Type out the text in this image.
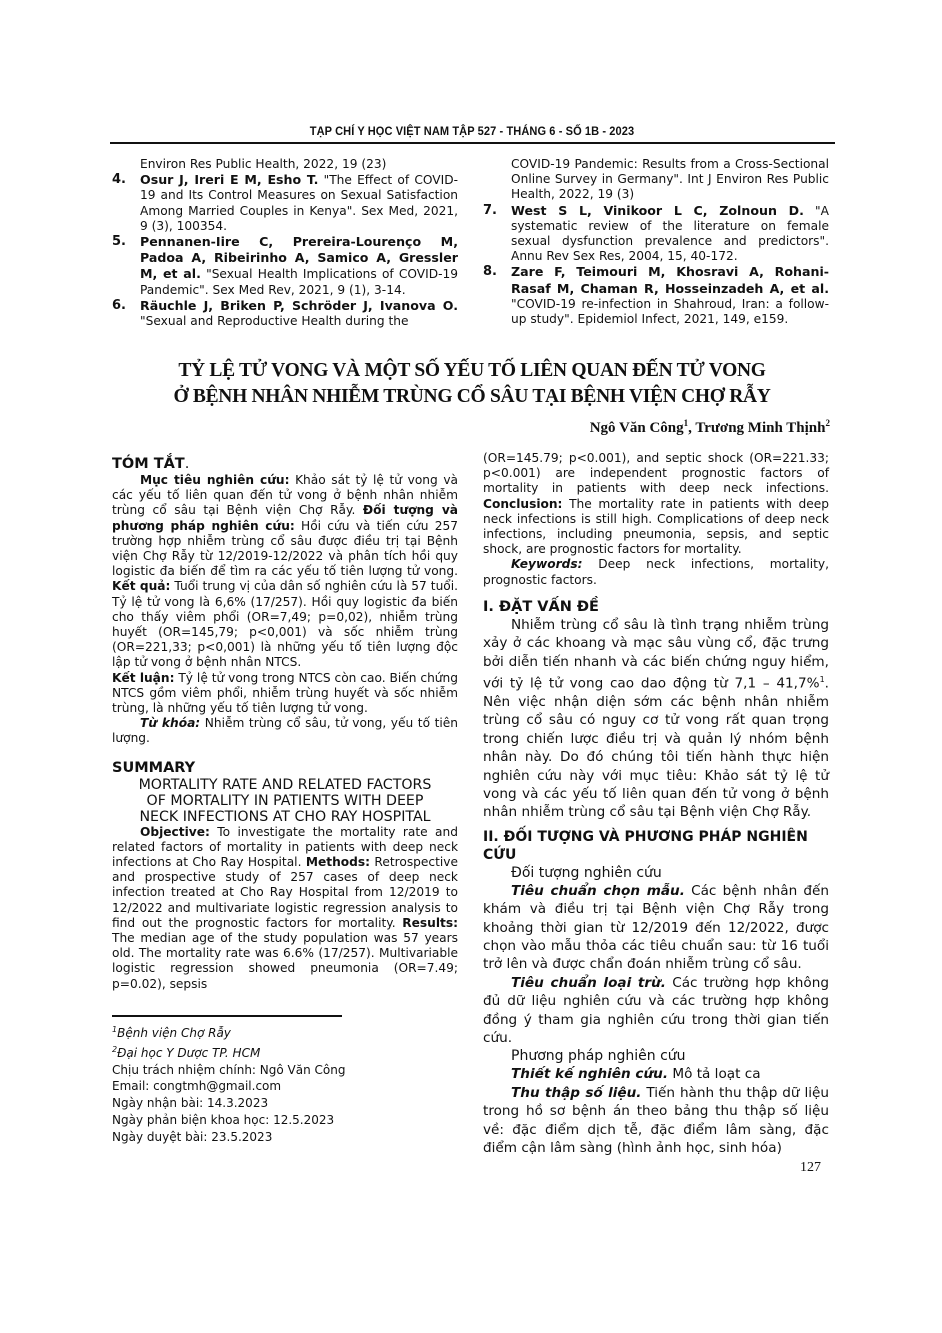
TẠP CHÍ Y HỌC VIỆT NAM TẬP 527 - THÁNG 6 - SỐ 1B - 2023
Environ Res Public Health, 2022, 19 (23)
4. Osur J, Ireri E M, Esho T. "The Effect of COVID-19 and Its Control Measures on Sexual Satisfaction Among Married Couples in Kenya". Sex Med, 2021, 9 (3), 100354.
5. Pennanen-Iire C, Prereira-Lourenço M, Padoa A, Ribeirinho A, Samico A, Gressler M, et al. "Sexual Health Implications of COVID-19 Pandemic". Sex Med Rev, 2021, 9 (1), 3-14.
6. Räuchle J, Briken P, Schröder J, Ivanova O. "Sexual and Reproductive Health during the
COVID-19 Pandemic: Results from a Cross-Sectional Online Survey in Germany". Int J Environ Res Public Health, 2022, 19 (3)
7. West S L, Vinikoor L C, Zolnoun D. "A systematic review of the literature on female sexual dysfunction prevalence and predictors". Annu Rev Sex Res, 2004, 15, 40-172.
8. Zare F, Teimouri M, Khosravi A, Rohani-Rasaf M, Chaman R, Hosseinzadeh A, et al. "COVID-19 re-infection in Shahroud, Iran: a follow-up study". Epidemiol Infect, 2021, 149, e159.
TỶ LỆ TỬ VONG VÀ MỘT SỐ YẾU TỐ LIÊN QUAN ĐẾN TỬ VONG
Ở BỆNH NHÂN NHIỄM TRÙNG CỔ SÂU TẠI BỆNH VIỆN CHỢ RẪY
Ngô Văn Công$^1$, Trương Minh Thịnh$^2$
TÓM TẮT.

Mục tiêu nghiên cứu: Khảo sát tỷ lệ tử vong và các yếu tố liên quan đến tử vong ở bệnh nhân nhiễm trùng cổ sâu tại Bệnh viện Chợ Rẫy. Đối tượng và phương pháp nghiên cứu: Hồi cứu và tiến cứu 257 trường hợp nhiễm trùng cổ sâu được điều trị tại Bệnh viện Chợ Rẫy từ 12/2019-12/2022 và phân tích hồi quy logistic đa biến để tìm ra các yếu tố tiên lượng tử vong. Kết quả: Tuổi trung vị của dân số nghiên cứu là 57 tuổi. Tỷ lệ tử vong là 6,6% (17/257). Hồi quy logistic đa biến cho thấy viêm phổi (OR=7,49; p=0,02), nhiễm trùng huyết (OR=145,79; p<0,001) và sốc nhiễm trùng (OR=221,33; p<0,001) là những yếu tố tiên lượng độc lập tử vong ở bệnh nhân NTCS.

Kết luận: Tỷ lệ tử vong trong NTCS còn cao. Biến chứng NTCS gồm viêm phổi, nhiễm trùng huyết và sốc nhiễm trùng, là những yếu tố tiên lượng tử vong.

Từ khóa: Nhiễm trùng cổ sâu, tử vong, yếu tố tiên lượng.

SUMMARY
MORTALITY RATE AND RELATED FACTORS
OF MORTALITY IN PATIENTS WITH DEEP
NECK INFECTIONS AT CHO RAY HOSPITAL

Objective: To investigate the mortality rate and related factors of mortality in patients with deep neck infections at Cho Ray Hospital. Methods: Retrospective and prospective study of 257 cases of deep neck infection treated at Cho Ray Hospital from 12/2019 to 12/2022 and multivariate logistic regression analysis to find out the prognostic factors for mortality. Results: The median age of the study population was 57 years old. The mortality rate was 6.6% (17/257). Multivariable logistic regression showed pneumonia (OR=7.49; p=0.02), sepsis

$^1$Bệnh viện Chợ Rẫy
$^2$Đại học Y Dược TP. HCM
Chịu trách nhiệm chính: Ngô Văn Công
Email: congtmh@gmail.com
Ngày nhận bài: 14.3.2023
Ngày phản biện khoa học: 12.5.2023
Ngày duyệt bài: 23.5.2023

(OR=145.79; p<0.001), and septic shock (OR=221.33; p<0.001) are independent prognostic factors of mortality in patients with deep neck infections. Conclusion: The mortality rate in patients with deep neck infections is still high. Complications of deep neck infections, including pneumonia, sepsis, and septic shock, are prognostic factors for mortality.

Keywords: Deep neck infections, mortality, prognostic factors.

I. ĐẶT VẤN ĐỀ

Nhiễm trùng cổ sâu là tình trạng nhiễm trùng xảy ở các khoang và mạc sâu vùng cổ, đặc trưng bởi diễn tiến nhanh và các biến chứng nguy hiểm, với tỷ lệ tử vong cao dao động từ 7,1 – 41,7%$^1$. Nên việc nhận diện sớm các bệnh nhân nhiễm trùng cổ sâu có nguy cơ tử vong rất quan trọng trong chiến lược điều trị và quản lý nhóm bệnh nhân này. Do đó chúng tôi tiến hành thực hiện nghiên cứu này với mục tiêu: Khảo sát tỷ lệ tử vong và các yếu tố liên quan đến tử vong ở bệnh nhân nhiễm trùng cổ sâu tại Bệnh viện Chợ Rẫy.

II. ĐỐI TƯỢNG VÀ PHƯƠNG PHÁP NGHIÊN CỨU
Đối tượng nghiên cứu

Tiêu chuẩn chọn mẫu. Các bệnh nhân đến khám và điều trị tại Bệnh viện Chợ Rẫy trong khoảng thời gian từ 12/2019 đến 12/2022, được chọn vào mẫu thỏa các tiêu chuẩn sau: từ 16 tuổi trở lên và được chẩn đoán nhiễm trùng cổ sâu.

Tiêu chuẩn loại trừ. Các trường hợp không đủ dữ liệu nghiên cứu và các trường hợp không đồng ý tham gia nghiên cứu trong thời gian tiến cứu.

Phương pháp nghiên cứu

Thiết kế nghiên cứu. Mô tả loạt ca

Thu thập số liệu. Tiến hành thu thập dữ liệu trong hồ sơ bệnh án theo bảng thu thập số liệu về: đặc điểm dịch tễ, đặc điểm lâm sàng, đặc điểm cận lâm sàng (hình ảnh học, sinh hóa)

127
